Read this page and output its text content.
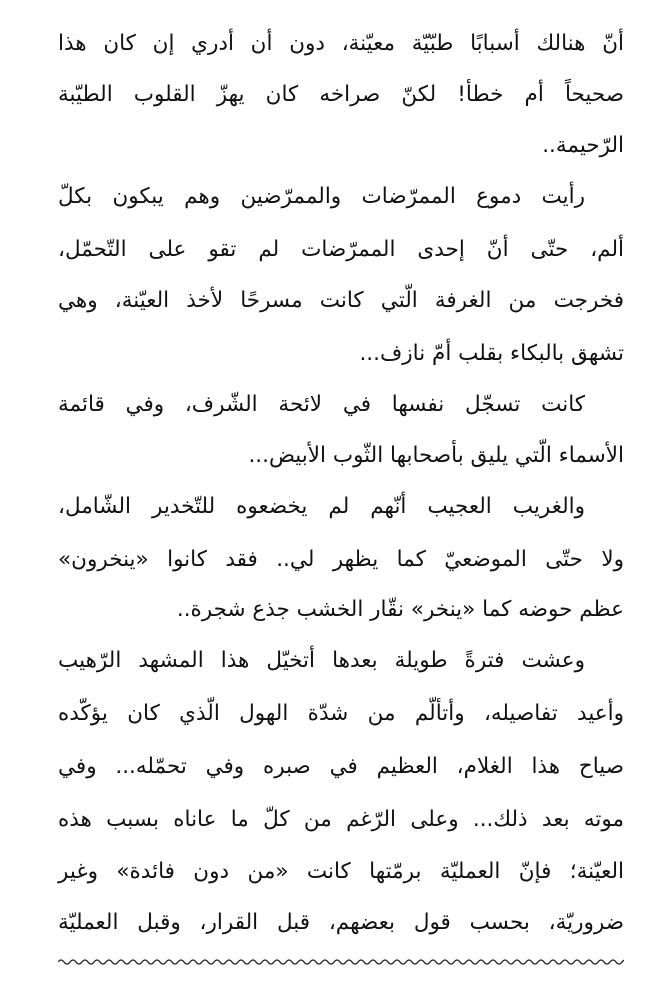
أنّ هنالك أسبابًا طبّيّة معيّنة، دون أن أدري إن كان هذا
صحيحاً أم خطأ! لكنّ صراخه كان يهزّ القلوب الطيّبة
الرّحيمة..
رأيت دموع الممرّضات والممرّضين وهم يبكون بكلّ
ألم، حتّى أنّ إحدى الممرّضات لم تقو على التّحمّل،
فخرجت من الغرفة الّتي كانت مسرحًا لأخذ العيّنة، وهي
تشهق بالبكاء بقلب أمّ نازف...
كانت تسجّل نفسها في لائحة الشّرف، وفي قائمة
الأسماء الّتي يليق بأصحابها الثّوب الأبيض...
والغريب العجيب أنّهم لم يخضعوه للتّخدير الشّامل،
ولا حتّى الموضعيّ كما يظهر لي.. فقد كانوا «ينخرون»
عظم حوضه كما «ينخر» نقّار الخشب جذع شجرة..
وعشت فترةً طويلة بعدها أتخيّل هذا المشهد الرّهيب
وأعيد تفاصيله، وأتألّم من شدّة الهول الّذي كان يؤكّده
صياح هذا الغلام، العظيم في صبره وفي تحمّله... وفي
موته بعد ذلك... وعلى الرّغم من كلّ ما عاناه بسبب هذه
العيّنة؛ فإنّ العمليّة برمّتها كانت «من دون فائدة» وغير
ضروريّة، بحسب قول بعضهم، قبل القرار، وقبل العمليّة
